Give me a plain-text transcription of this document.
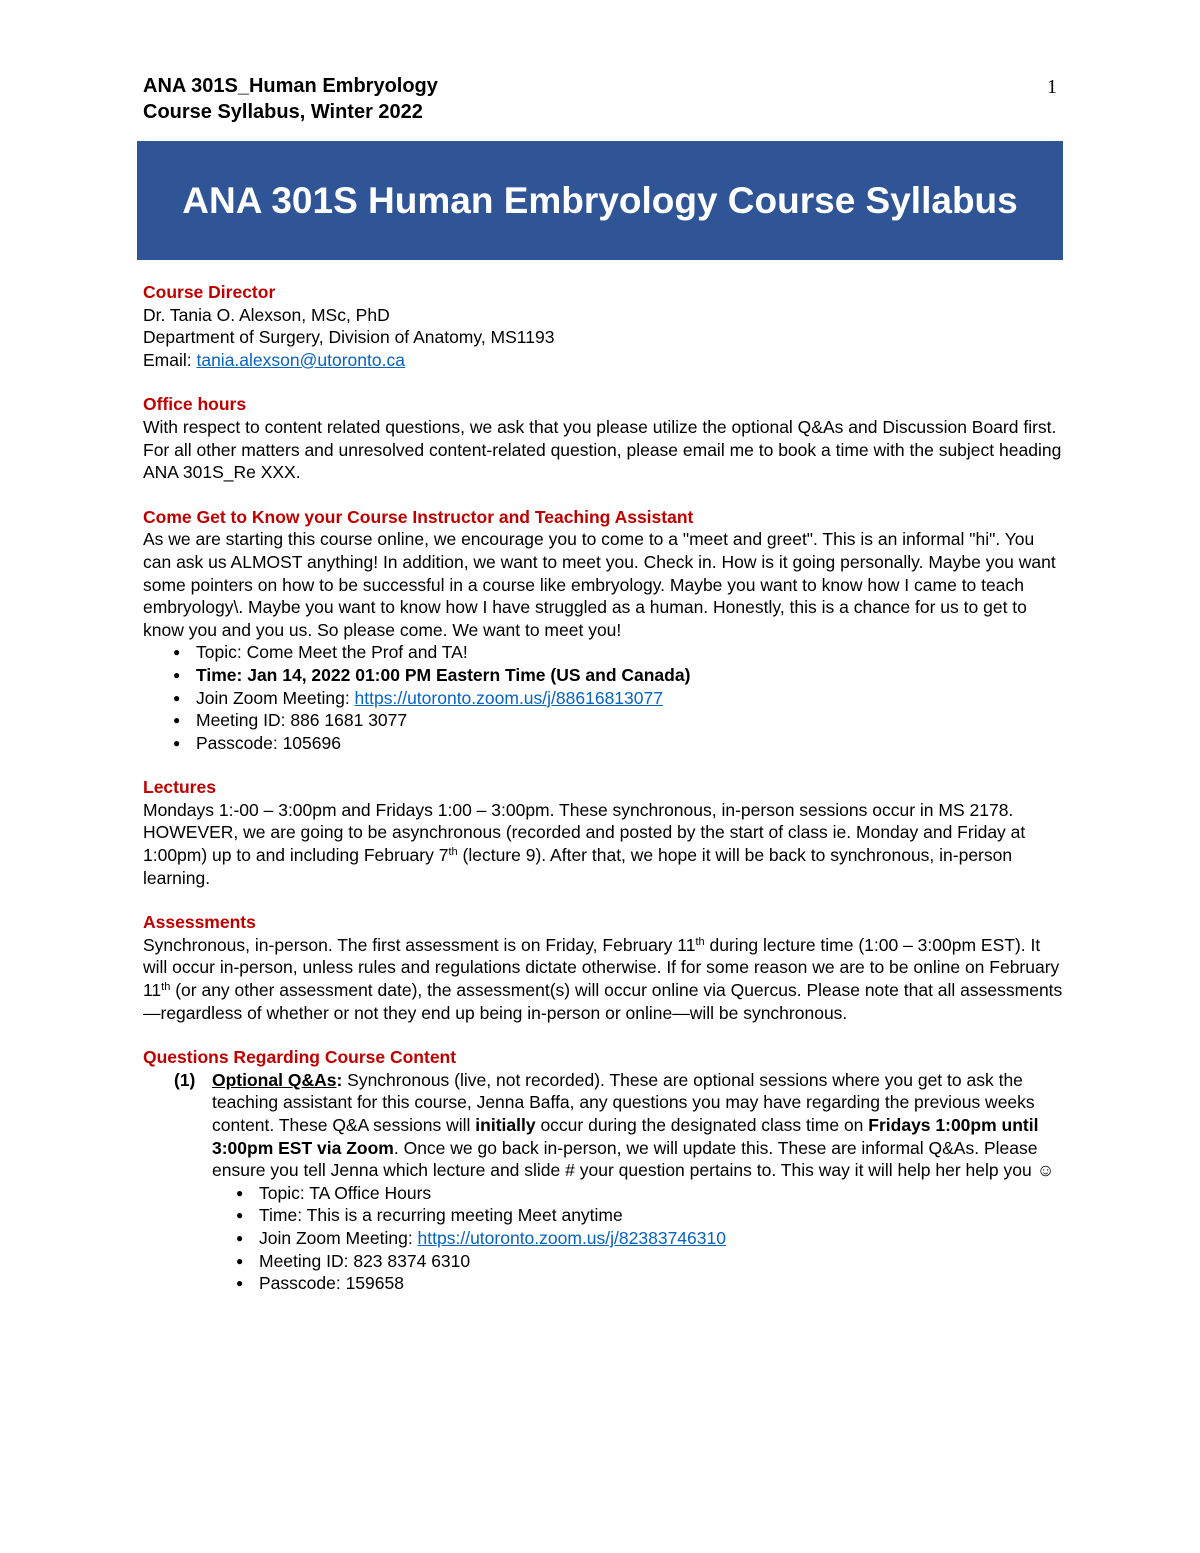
ANA 301S_Human Embryology
Course Syllabus, Winter 2022
1
ANA 301S Human Embryology Course Syllabus
Course Director

Dr. Tania O. Alexson, MSc, PhD

Department of Surgery, Division of Anatomy, MS1193

Email: tania.alexson@utoronto.ca

Office hours

With respect to content related questions, we ask that you please utilize the optional Q&As and Discussion Board first. For all other matters and unresolved content-related question, please email me to book a time with the subject heading ANA 301S_Re XXX.

Come Get to Know your Course Instructor and Teaching Assistant

As we are starting this course online, we encourage you to come to a "meet and greet". This is an informal "hi". You can ask us ALMOST anything! In addition, we want to meet you. Check in. How is it going personally. Maybe you want some pointers on how to be successful in a course like embryology. Maybe you want to know how I came to teach embryology\. Maybe you want to know how I have struggled as a human. Honestly, this is a chance for us to get to know you and you us. So please come. We want to meet you!

● Topic: Come Meet the Prof and TA!
● Time: Jan 14, 2022 01:00 PM Eastern Time (US and Canada)
● Join Zoom Meeting: https://utoronto.zoom.us/j/88616813077
● Meeting ID: 886 1681 3077
● Passcode: 105696
Lectures

Mondays 1:-00 – 3:00pm and Fridays 1:00 – 3:00pm. These synchronous, in-person sessions occur in MS 2178. HOWEVER, we are going to be asynchronous (recorded and posted by the start of class ie. Monday and Friday at 1:00pm) up to and including February 7th (lecture 9). After that, we hope it will be back to synchronous, in-person learning.

Assessments

Synchronous, in-person. The first assessment is on Friday, February 11th during lecture time (1:00 – 3:00pm EST). It will occur in-person, unless rules and regulations dictate otherwise. If for some reason we are to be online on February 11th (or any other assessment date), the assessment(s) will occur online via Quercus. Please note that all assessments—regardless of whether or not they end up being in-person or online—will be synchronous.

Questions Regarding Course Content
(1) Optional Q&As: Synchronous (live, not recorded). These are optional sessions where you get to ask the teaching assistant for this course, Jenna Baffa, any questions you may have regarding the previous weeks content. These Q&A sessions will initially occur during the designated class time on Fridays 1:00pm until 3:00pm EST via Zoom. Once we go back in-person, we will update this. These are informal Q&As. Please ensure you tell Jenna which lecture and slide # your question pertains to. This way it will help her help you ☺

● Topic: TA Office Hours
● Time: This is a recurring meeting Meet anytime
● Join Zoom Meeting: https://utoronto.zoom.us/j/82383746310
● Meeting ID: 823 8374 6310
● Passcode: 159658
